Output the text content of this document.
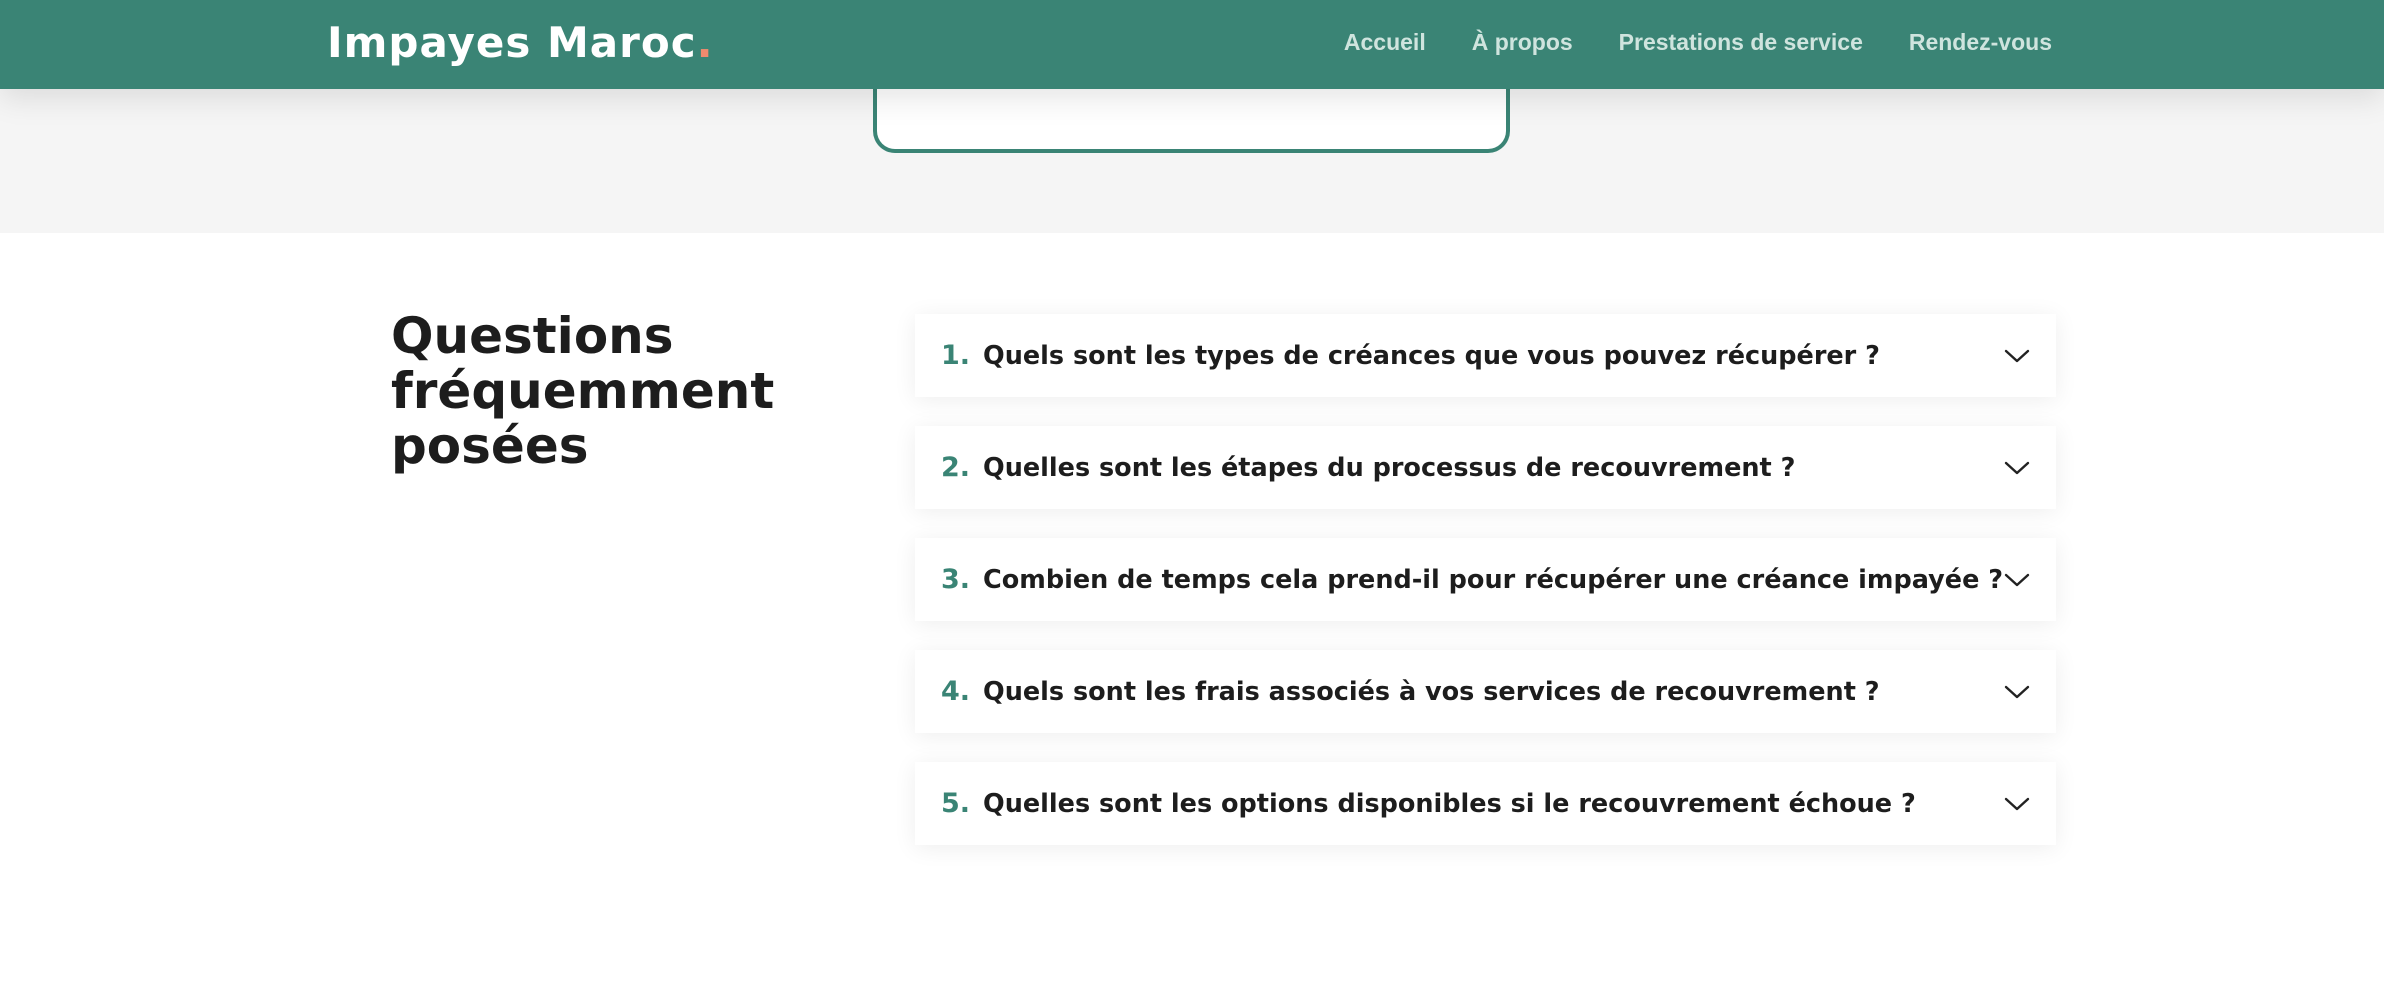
Impayes Maroc.	Accueil À propos Prestations de service Rendez-vous
Questions fréquemment posées
1. Quels sont les types de créances que vous pouvez récupérer ?
2. Quelles sont les étapes du processus de recouvrement ?
3. Combien de temps cela prend-il pour récupérer une créance impayée ?
4. Quels sont les frais associés à vos services de recouvrement ?
5. Quelles sont les options disponibles si le recouvrement échoue ?
